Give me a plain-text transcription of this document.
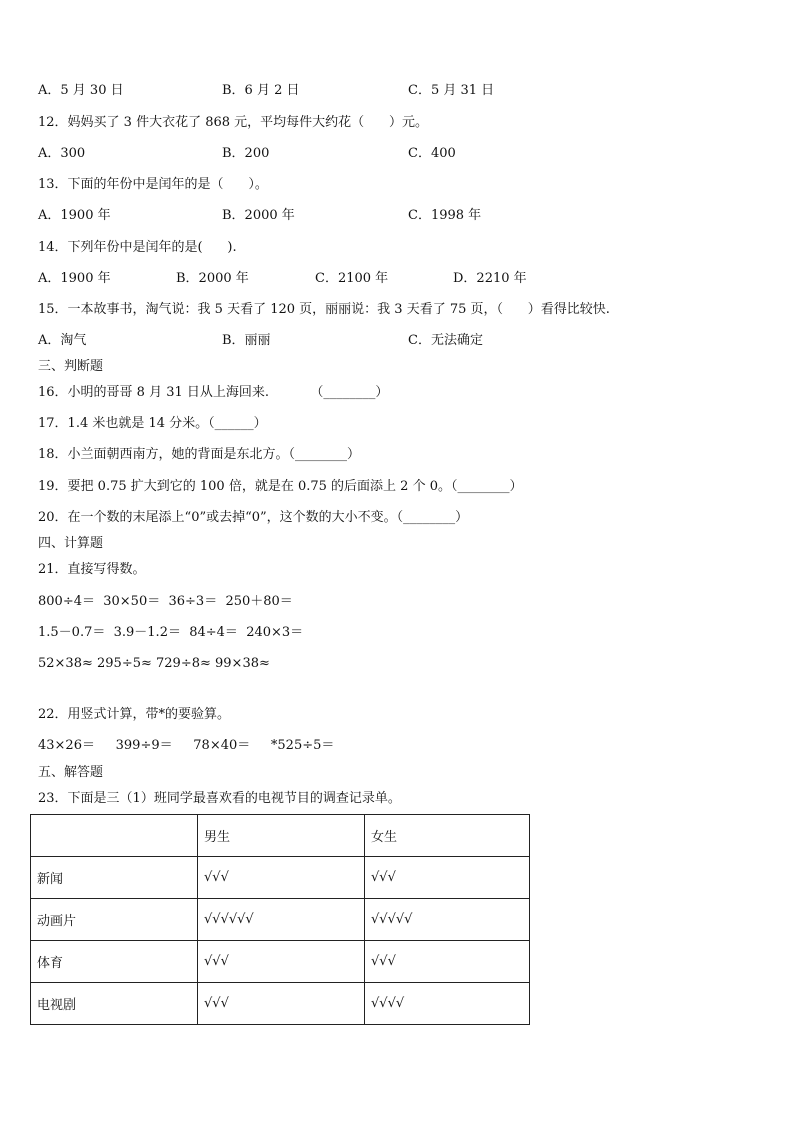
A．5 月 30 日	B．6 月 2 日	C．5 月 31 日
12．妈妈买了 3 件大衣花了 868 元，平均每件大约花（      ）元。
A．300	B．200	C．400
13．下面的年份中是闰年的是（      ）。
A．1900 年	B．2000 年	C．1998 年
14．下列年份中是闰年的是(      ).
A．1900 年	B．2000 年	C．2100 年	D．2210 年
15．一本故事书，淘气说：我 5 天看了 120 页，丽丽说：我 3 天看了 75 页，（      ）看得比较快.
A．淘气	B．丽丽	C．无法确定
三、判断题
16．小明的哥哥 8 月 31 日从上海回来.          （________）
17．1.4 米也就是 14 分米。（______）
18．小兰面朝西南方，她的背面是东北方。（________）
19．要把 0.75 扩大到它的 100 倍，就是在 0.75 的后面添上 2 个 0。（________）
20．在一个数的末尾添上“0”或去掉“0”，这个数的大小不变。（________）
四、计算题
21．直接写得数。
800÷4＝  30×50＝  36÷3＝  250＋80＝
1.5－0.7＝  3.9－1.2＝  84÷4＝  240×3＝
52×38≈ 295÷5≈ 729÷8≈ 99×38≈
22．用竖式计算，带*的要验算。
43×26＝     399÷9＝     78×40＝     *525÷5＝
五、解答题
23．下面是三（1）班同学最喜欢看的电视节目的调查记录单。
	男生	女生
新闻	√√√	√√√
动画片	√√√√√√	√√√√√
体育	√√√	√√√
电视剧	√√√	√√√√
